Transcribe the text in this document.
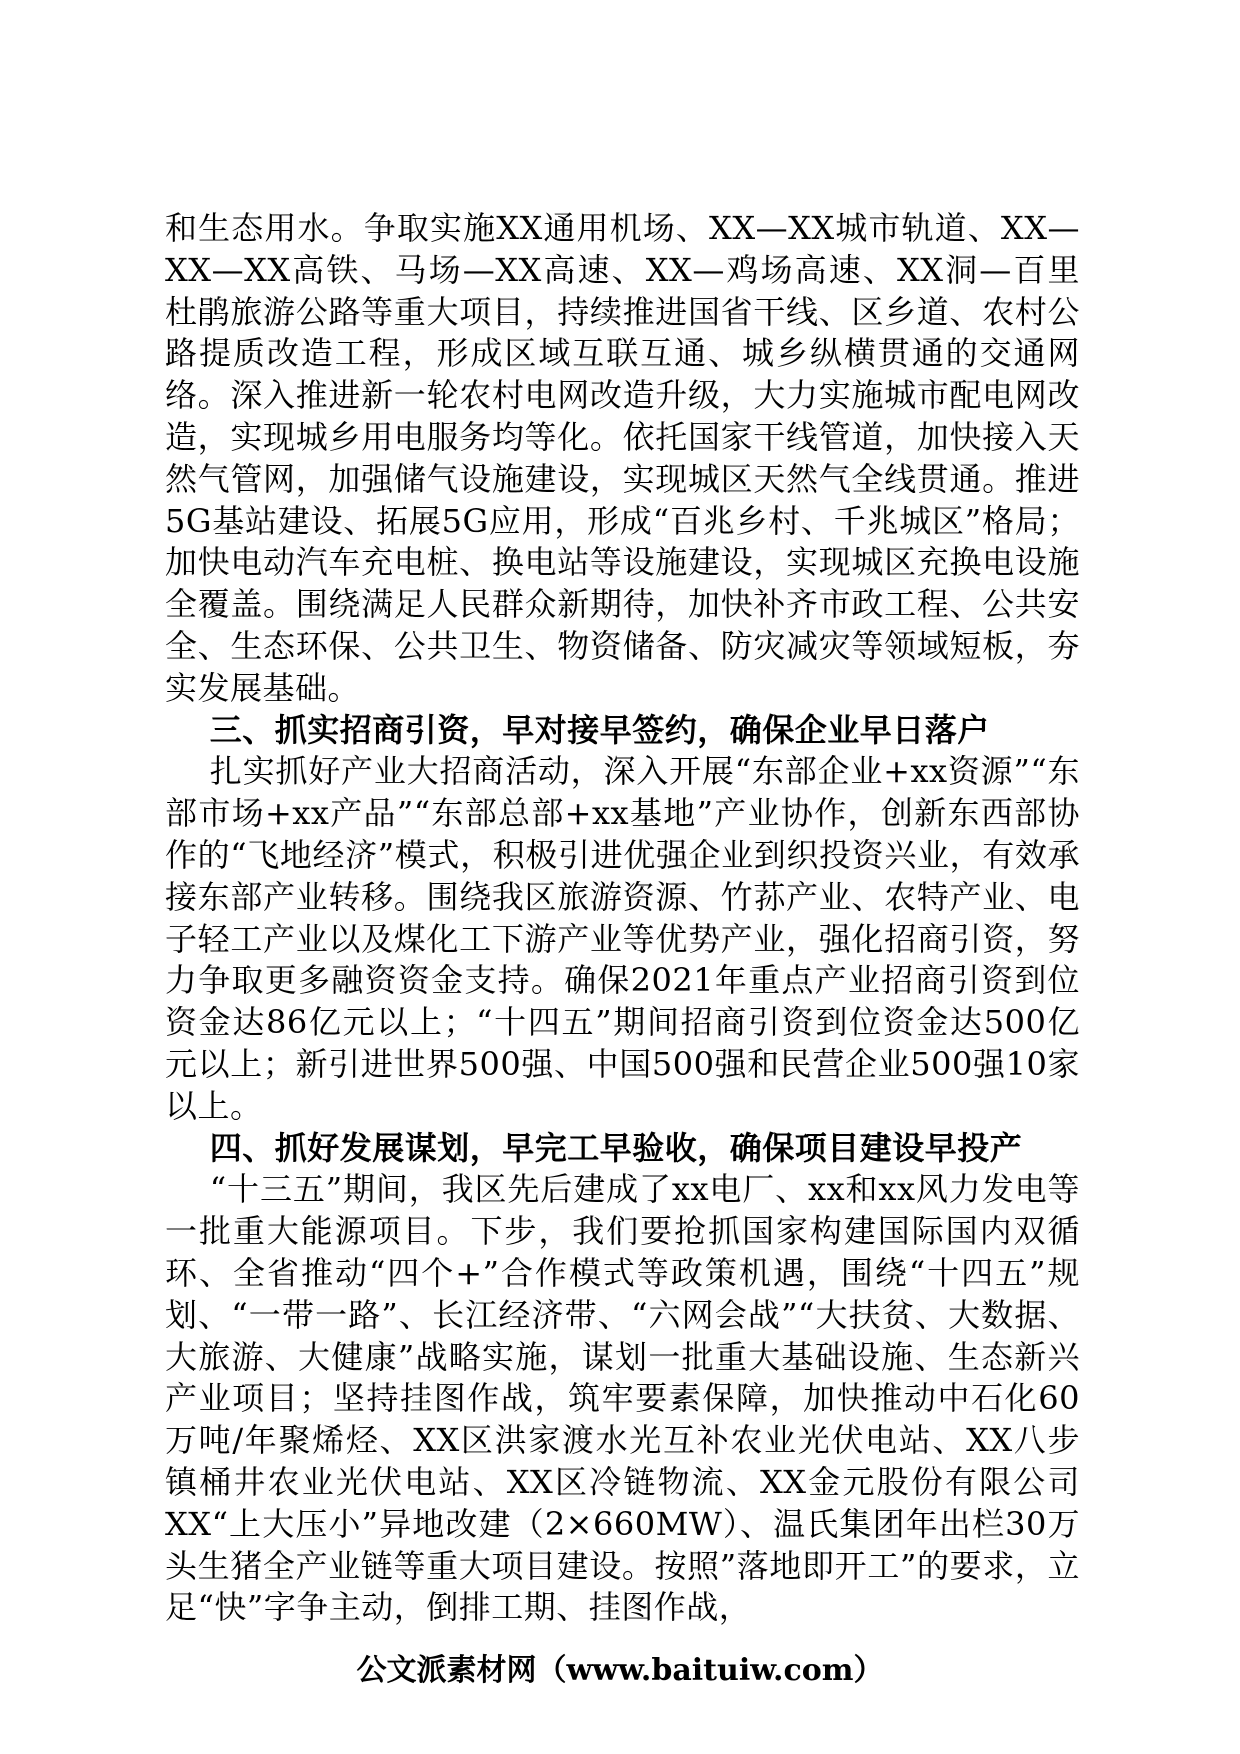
和生态用水。争取实施XX通用机场、XX—XX城市轨道、XX—XX—XX高铁、马场—XX高速、XX—鸡场高速、XX洞—百里杜鹃旅游公路等重大项目，持续推进国省干线、区乡道、农村公路提质改造工程，形成区域互联互通、城乡纵横贯通的交通网络。深入推进新一轮农村电网改造升级，大力实施城市配电网改造，实现城乡用电服务均等化。依托国家干线管道，加快接入天然气管网，加强储气设施建设，实现城区天然气全线贯通。推进5G基站建设、拓展5G应用，形成“百兆乡村、千兆城区”格局；加快电动汽车充电桩、换电站等设施建设，实现城区充换电设施全覆盖。围绕满足人民群众新期待，加快补齐市政工程、公共安全、生态环保、公共卫生、物资储备、防灾减灾等领域短板，夯实发展基础。

三、抓实招商引资，早对接早签约，确保企业早日落户

扎实抓好产业大招商活动，深入开展“东部企业+xx资源”“东部市场+xx产品”“东部总部+xx基地”产业协作，创新东西部协作的“飞地经济”模式，积极引进优强企业到织投资兴业，有效承接东部产业转移。围绕我区旅游资源、竹荪产业、农特产业、电子轻工产业以及煤化工下游产业等优势产业，强化招商引资，努力争取更多融资资金支持。确保2021年重点产业招商引资到位资金达86亿元以上；“十四五”期间招商引资到位资金达500亿元以上；新引进世界500强、中国500强和民营企业500强10家以上。

四、抓好发展谋划，早完工早验收，确保项目建设早投产

“十三五”期间，我区先后建成了xx电厂、xx和xx风力发电等一批重大能源项目。下步，我们要抢抓国家构建国际国内双循环、全省推动“四个+”合作模式等政策机遇，围绕“十四五”规划、“一带一路”、长江经济带、“六网会战”“大扶贫、大数据、大旅游、大健康”战略实施，谋划一批重大基础设施、生态新兴产业项目；坚持挂图作战，筑牢要素保障，加快推动中石化60万吨/年聚烯烃、XX区洪家渡水光互补农业光伏电站、XX八步镇桶井农业光伏电站、XX区冷链物流、XX金元股份有限公司XX“上大压小”异地改建（2×660MW）、温氏集团年出栏30万头生猪全产业链等重大项目建设。按照”落地即开工”的要求，立足“快”字争主动，倒排工期、挂图作战，

公文派素材网（www.baituiw.com）
